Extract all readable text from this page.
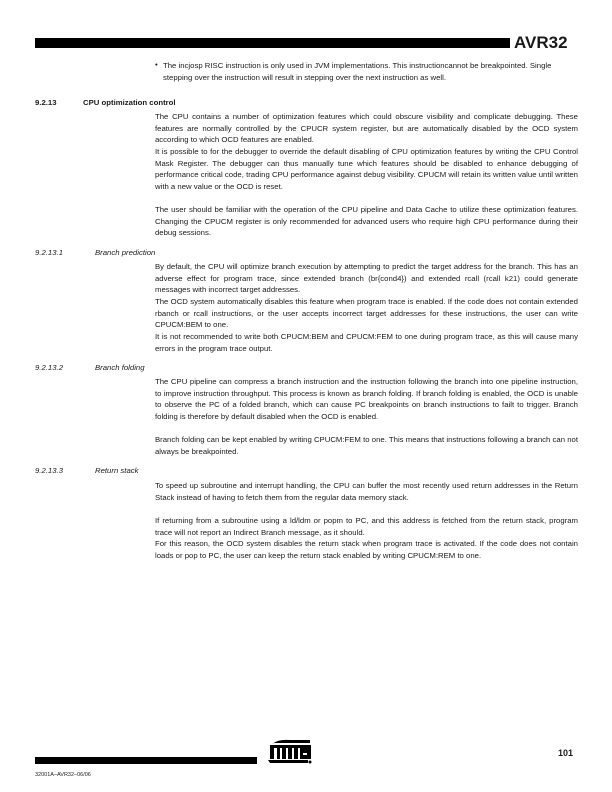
AVR32
• The incjosp RISC instruction is only used in JVM implementations. This instructioncannot be breakpointed. Single stepping over the instruction will result in stepping over the next instruction as well.
9.2.13	CPU optimization control
The CPU contains a number of optimization features which could obscure visibility and complicate debugging. These features are normally controlled by the CPUCR system register, but are automatically disabled by the OCD system according to which OCD features are enabled.
It is possible to for the debugger to override the default disabling of CPU optimization features by writing the CPU Control Mask Register. The debugger can thus manually tune which features should be disabled to enhance debugging of performance critical code, trading CPU performance against debug visibility. CPUCM will retain its written value until written with a new value or the OCD is reset.
The user should be familiar with the operation of the CPU pipeline and Data Cache to utilize these optimization features. Changing the CPUCM register is only recommended for advanced users who require high CPU performance during their debug sessions.
9.2.13.1	Branch prediction
By default, the CPU will optimize branch execution by attempting to predict the target address for the branch. This has an adverse effect for program trace, since extended branch (br{cond4}) and extended rcall (rcall k21) could generate messages with incorrect target addresses.
The OCD system automatically disables this feature when program trace is enabled. If the code does not contain extended rbanch or rcall instructions, or the user accepts incorrect target addresses for these instructions, the user can write CPUCM:BEM to one.
It is not recommended to write both CPUCM:BEM and CPUCM:FEM to one during program trace, as this will cause many errors in the program trace output.
9.2.13.2	Branch folding
The CPU pipeline can compress a branch instruction and the instruction following the branch into one pipeline instruction, to improve instruction throughput. This process is known as branch folding. If branch folding is enabled, the OCD is unable to observe the PC of a folded branch, which can cause PC breakpoints on branch instructions to failt to trigger. Branch folding is therefore by default disabled when the OCD is enabled.
Branch folding can be kept enabled by writing CPUCM:FEM to one. This means that instructions following a branch can not always be breakpointed.
9.2.13.3	Return stack
To speed up subroutine and interrupt handling, the CPU can buffer the most recently used return addresses in the Return Stack instead of having to fetch them from the regular data memory stack.
If returning from a subroutine using a ld/ldm or popm to PC, and this address is fetched from the return stack, program trace will not report an Indirect Branch message, as it should.
For this reason, the OCD system disables the return stack when program trace is activated. If the code does not contain loads or pop to PC, the user can keep the return stack enabled by writing CPUCM:REM to one.
101
32001A–AVR32–06/06
